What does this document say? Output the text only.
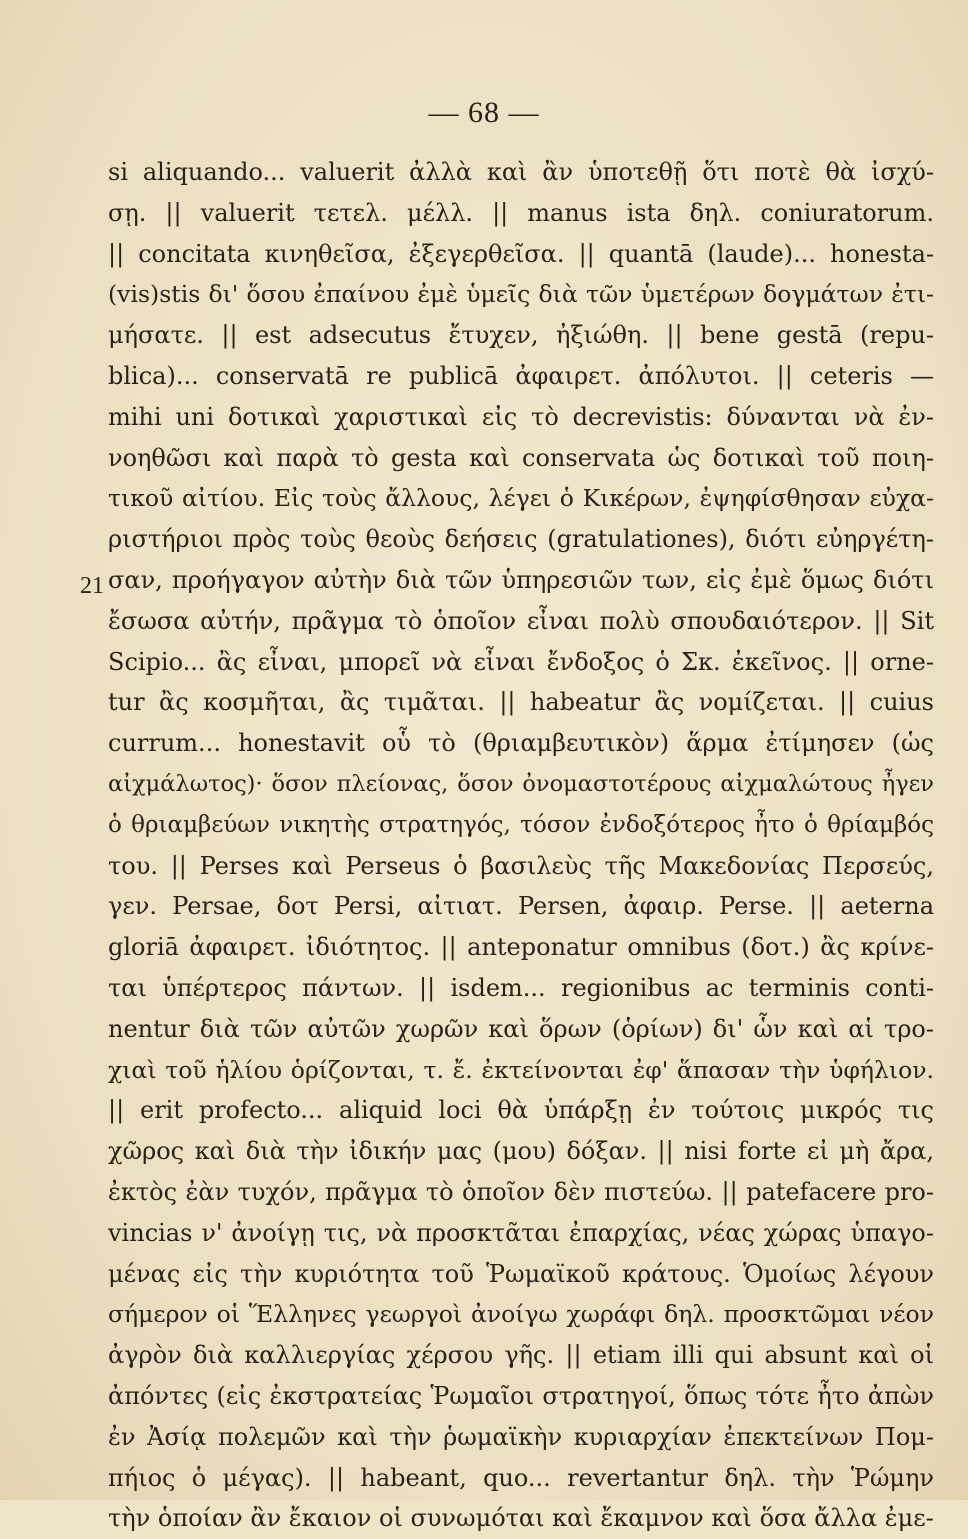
— 68 —
21
si aliquando... valuerit ἀλλὰ καὶ ἂν ὑποτεθῇ ὅτι ποτὲ θὰ ἰσχύ-
σῃ. || valuerit τετελ. μέλλ. || manus ista δηλ. coniuratorum.
|| concitata κινηθεῖσα, ἐξεγερθεῖσα. || quantā (laude)... honesta-
(vis)stis δι' ὅσου ἐπαίνου ἐμὲ ὑμεῖς διὰ τῶν ὑμετέρων δογμάτων ἐτι-
μήσατε. || est adsecutus ἔτυχεν, ἠξιώθη. || bene gestā (repu-
blica)... conservatā re publicā ἀφαιρετ. ἀπόλυτοι. || ceteris —
mihi uni δοτικαὶ χαριστικαὶ εἰς τὸ decrevistis: δύνανται νὰ ἐν-
νοηθῶσι καὶ παρὰ τὸ gesta καὶ conservata ὡς δοτικαὶ τοῦ ποιη-
τικοῦ αἰτίου. Εἰς τοὺς ἄλλους, λέγει ὁ Κικέρων, ἐψηφίσθησαν εὐχα-
ριστήριοι πρὸς τοὺς θεοὺς δεήσεις (gratulationes), διότι εὐηργέτη-
σαν, προήγαγον αὐτὴν διὰ τῶν ὑπηρεσιῶν των, εἰς ἐμὲ ὅμως διότι
ἔσωσα αὐτήν, πρᾶγμα τὸ ὁποῖον εἶναι πολὺ σπουδαιότερον. || Sit
Scipio... ἂς εἶναι, μπορεῖ νὰ εἶναι ἔνδοξος ὁ Σκ. ἐκεῖνος. || orne-
tur ἂς κοσμῆται, ἂς τιμᾶται. || habeatur ἂς νομίζεται. || cuius
currum... honestavit οὗ τὸ (θριαμβευτικὸν) ἅρμα ἐτίμησεν (ὡς
αἰχμάλωτος)· ὅσον πλείονας, ὅσον ὀνομαστοτέρους αἰχμαλώτους ἦγεν
ὁ θριαμβεύων νικητὴς στρατηγός, τόσον ἐνδοξότερος ἦτο ὁ θρίαμβός
του. || Perses καὶ Perseus ὁ βασιλεὺς τῆς Μακεδονίας Περσεύς,
γεν. Persae, δοτ Persi, αἰτιατ. Persen, ἀφαιρ. Perse. || aeterna
gloriā ἀφαιρετ. ἰδιότητος. || anteponatur omnibus (δοτ.) ἂς κρίνε-
ται ὑπέρτερος πάντων. || isdem... regionibus ac terminis conti-
nentur διὰ τῶν αὐτῶν χωρῶν καὶ ὅρων (ὁρίων) δι' ὧν καὶ αἱ τρο-
χιαὶ τοῦ ἡλίου ὁρίζονται, τ. ἔ. ἐκτείνονται ἐφ' ἅπασαν τὴν ὑφήλιον.
|| erit profecto... aliquid loci θὰ ὑπάρξῃ ἐν τούτοις μικρός τις
χῶρος καὶ διὰ τὴν ἰδικήν μας (μου) δόξαν. || nisi forte εἰ μὴ ἄρα,
ἐκτὸς ἐὰν τυχόν, πρᾶγμα τὸ ὁποῖον δὲν πιστεύω. || patefacere pro-
vincias ν' ἀνοίγῃ τις, νὰ προσκτᾶται ἐπαρχίας, νέας χώρας ὑπαγο-
μένας εἰς τὴν κυριότητα τοῦ Ῥωμαϊκοῦ κράτους. Ὁμοίως λέγουν
σήμερον οἱ Ἕλληνες γεωργοὶ ἀνοίγω χωράφι δηλ. προσκτῶμαι νέον
ἀγρὸν διὰ καλλιεργίας χέρσου γῆς. || etiam illi qui absunt καὶ οἱ
ἀπόντες (εἰς ἐκστρατείας Ῥωμαῖοι στρατηγοί, ὅπως τότε ἦτο ἀπὼν
ἐν Ἀσίᾳ πολεμῶν καὶ τὴν ῥωμαϊκὴν κυριαρχίαν ἐπεκτείνων Πομ-
πήιος ὁ μέγας). || habeant, quo... revertantur δηλ. τὴν Ῥώμην
τὴν ὁποίαν ἂν ἔκαιον οἱ συνωμόται καὶ ἔκαμνον καὶ ὅσα ἄλλα ἐμε-
